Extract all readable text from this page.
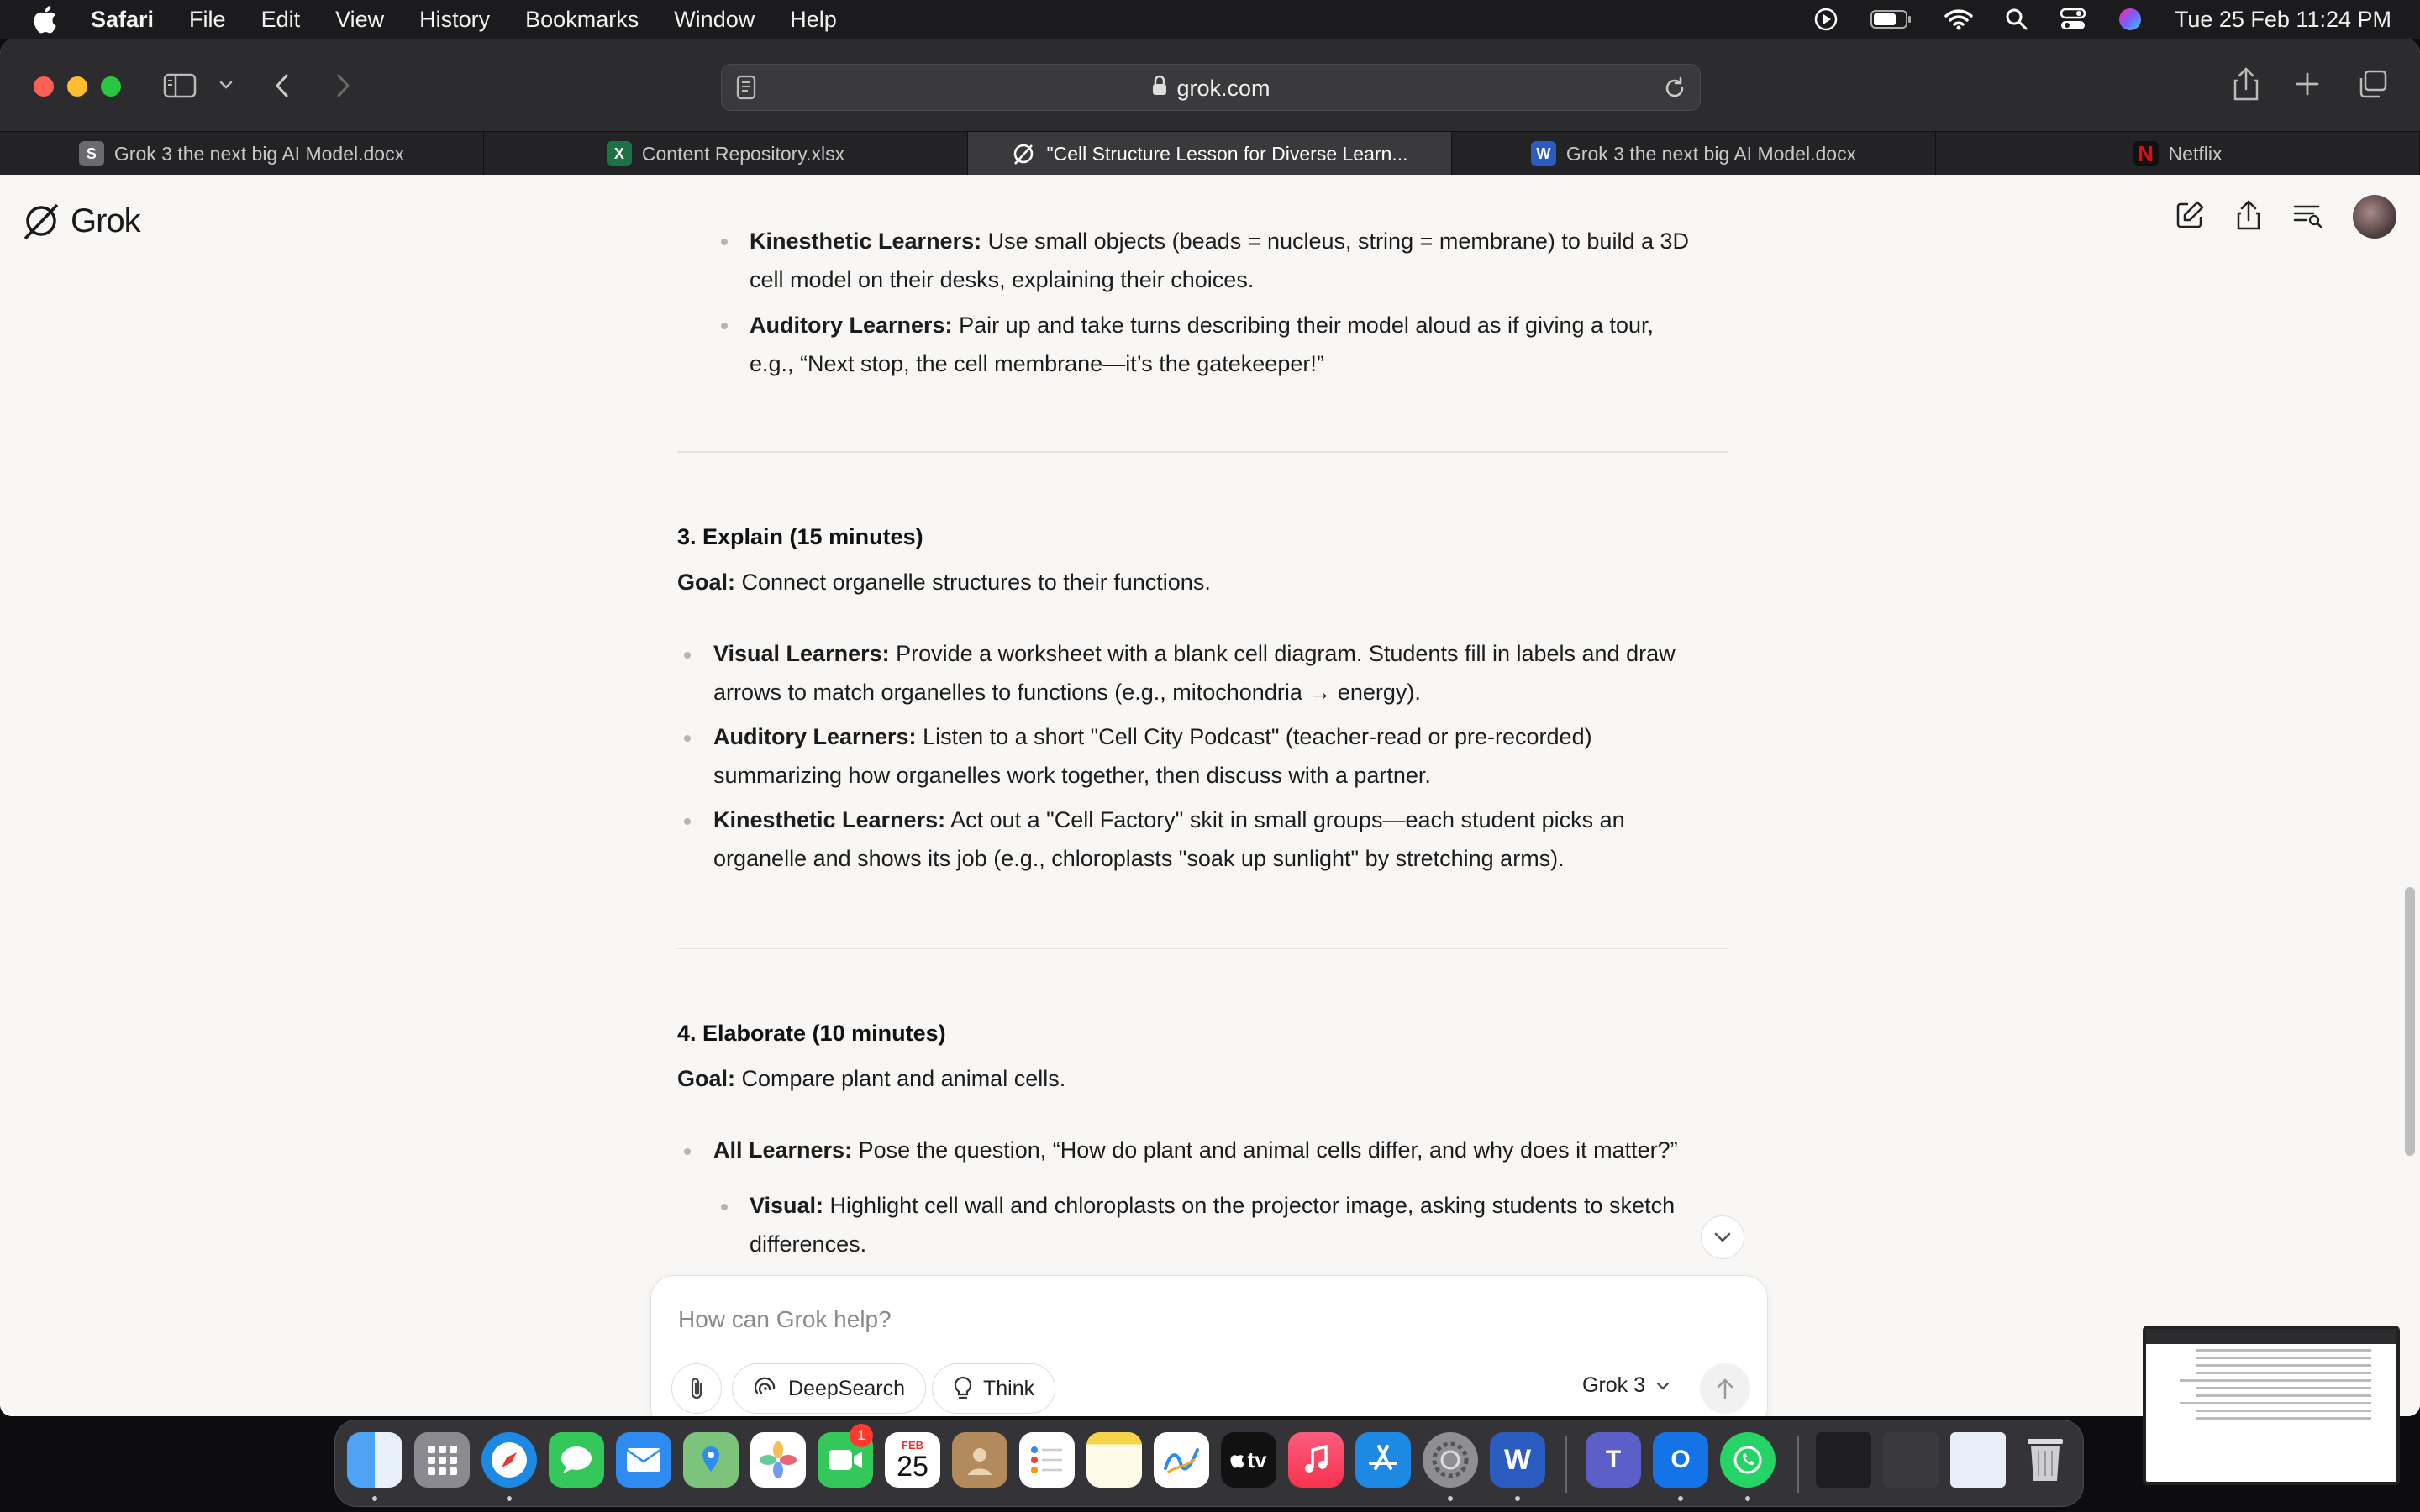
Safari File Edit View History Bookmarks Window Help	Tue 25 Feb 11:24 PM
grok.com
S Grok 3 the next big AI Model.docx	X Content Repository.xlsx	"Cell Structure Lesson for Diverse Learn...	W Grok 3 the next big AI Model.docx	N Netflix
Grok

Kinesthetic Learners: Use small objects (beads = nucleus, string = membrane) to build a 3D
cell model on their desks, explaining their choices.

Auditory Learners: Pair up and take turns describing their model aloud as if giving a tour,
e.g., “Next stop, the cell membrane—it’s the gatekeeper!”

3. Explain (15 minutes)

Goal: Connect organelle structures to their functions.

Visual Learners: Provide a worksheet with a blank cell diagram. Students fill in labels and draw
arrows to match organelles to functions (e.g., mitochondria → energy).

Auditory Learners: Listen to a short "Cell City Podcast" (teacher-read or pre-recorded)
summarizing how organelles work together, then discuss with a partner.

Kinesthetic Learners: Act out a "Cell Factory" skit in small groups—each student picks an
organelle and shows its job (e.g., chloroplasts "soak up sunlight" by stretching arms).

4. Elaborate (10 minutes)

Goal: Compare plant and animal cells.

All Learners: Pose the question, “How do plant and animal cells differ, and why does it matter?”

Visual: Highlight cell wall and chloroplasts on the projector image, asking students to sketch
differences.

How can Grok help?
DeepSearch	Think	Grok 3
1
FEB
25	tv	W	T	O
